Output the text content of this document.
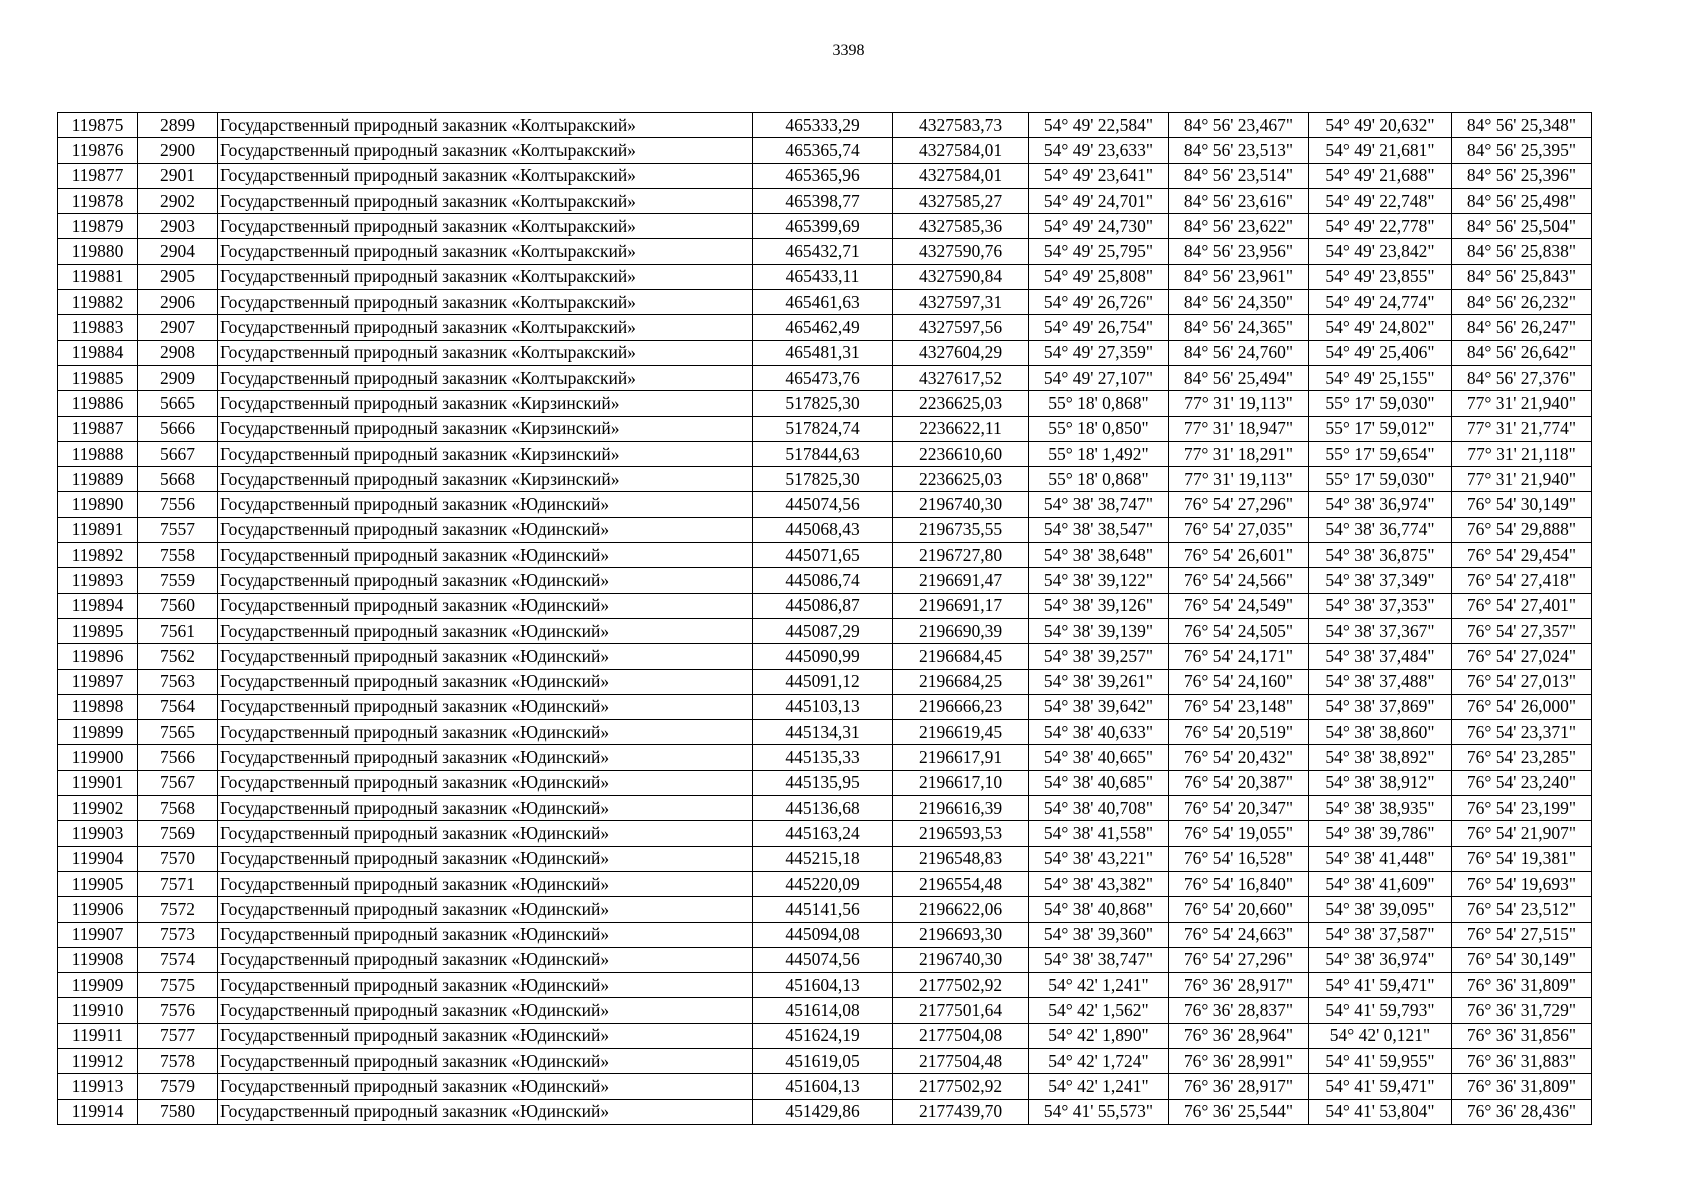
3398
119875	2899	Государственный природный заказник «Колтыракский»	465333,29	4327583,73	54° 49' 22,584"	84° 56' 23,467"	54° 49' 20,632"	84° 56' 25,348"
119876	2900	Государственный природный заказник «Колтыракский»	465365,74	4327584,01	54° 49' 23,633"	84° 56' 23,513"	54° 49' 21,681"	84° 56' 25,395"
119877	2901	Государственный природный заказник «Колтыракский»	465365,96	4327584,01	54° 49' 23,641"	84° 56' 23,514"	54° 49' 21,688"	84° 56' 25,396"
119878	2902	Государственный природный заказник «Колтыракский»	465398,77	4327585,27	54° 49' 24,701"	84° 56' 23,616"	54° 49' 22,748"	84° 56' 25,498"
119879	2903	Государственный природный заказник «Колтыракский»	465399,69	4327585,36	54° 49' 24,730"	84° 56' 23,622"	54° 49' 22,778"	84° 56' 25,504"
119880	2904	Государственный природный заказник «Колтыракский»	465432,71	4327590,76	54° 49' 25,795"	84° 56' 23,956"	54° 49' 23,842"	84° 56' 25,838"
119881	2905	Государственный природный заказник «Колтыракский»	465433,11	4327590,84	54° 49' 25,808"	84° 56' 23,961"	54° 49' 23,855"	84° 56' 25,843"
119882	2906	Государственный природный заказник «Колтыракский»	465461,63	4327597,31	54° 49' 26,726"	84° 56' 24,350"	54° 49' 24,774"	84° 56' 26,232"
119883	2907	Государственный природный заказник «Колтыракский»	465462,49	4327597,56	54° 49' 26,754"	84° 56' 24,365"	54° 49' 24,802"	84° 56' 26,247"
119884	2908	Государственный природный заказник «Колтыракский»	465481,31	4327604,29	54° 49' 27,359"	84° 56' 24,760"	54° 49' 25,406"	84° 56' 26,642"
119885	2909	Государственный природный заказник «Колтыракский»	465473,76	4327617,52	54° 49' 27,107"	84° 56' 25,494"	54° 49' 25,155"	84° 56' 27,376"
119886	5665	Государственный природный заказник «Кирзинский»	517825,30	2236625,03	55° 18' 0,868"	77° 31' 19,113"	55° 17' 59,030"	77° 31' 21,940"
119887	5666	Государственный природный заказник «Кирзинский»	517824,74	2236622,11	55° 18' 0,850"	77° 31' 18,947"	55° 17' 59,012"	77° 31' 21,774"
119888	5667	Государственный природный заказник «Кирзинский»	517844,63	2236610,60	55° 18' 1,492"	77° 31' 18,291"	55° 17' 59,654"	77° 31' 21,118"
119889	5668	Государственный природный заказник «Кирзинский»	517825,30	2236625,03	55° 18' 0,868"	77° 31' 19,113"	55° 17' 59,030"	77° 31' 21,940"
119890	7556	Государственный природный заказник «Юдинский»	445074,56	2196740,30	54° 38' 38,747"	76° 54' 27,296"	54° 38' 36,974"	76° 54' 30,149"
119891	7557	Государственный природный заказник «Юдинский»	445068,43	2196735,55	54° 38' 38,547"	76° 54' 27,035"	54° 38' 36,774"	76° 54' 29,888"
119892	7558	Государственный природный заказник «Юдинский»	445071,65	2196727,80	54° 38' 38,648"	76° 54' 26,601"	54° 38' 36,875"	76° 54' 29,454"
119893	7559	Государственный природный заказник «Юдинский»	445086,74	2196691,47	54° 38' 39,122"	76° 54' 24,566"	54° 38' 37,349"	76° 54' 27,418"
119894	7560	Государственный природный заказник «Юдинский»	445086,87	2196691,17	54° 38' 39,126"	76° 54' 24,549"	54° 38' 37,353"	76° 54' 27,401"
119895	7561	Государственный природный заказник «Юдинский»	445087,29	2196690,39	54° 38' 39,139"	76° 54' 24,505"	54° 38' 37,367"	76° 54' 27,357"
119896	7562	Государственный природный заказник «Юдинский»	445090,99	2196684,45	54° 38' 39,257"	76° 54' 24,171"	54° 38' 37,484"	76° 54' 27,024"
119897	7563	Государственный природный заказник «Юдинский»	445091,12	2196684,25	54° 38' 39,261"	76° 54' 24,160"	54° 38' 37,488"	76° 54' 27,013"
119898	7564	Государственный природный заказник «Юдинский»	445103,13	2196666,23	54° 38' 39,642"	76° 54' 23,148"	54° 38' 37,869"	76° 54' 26,000"
119899	7565	Государственный природный заказник «Юдинский»	445134,31	2196619,45	54° 38' 40,633"	76° 54' 20,519"	54° 38' 38,860"	76° 54' 23,371"
119900	7566	Государственный природный заказник «Юдинский»	445135,33	2196617,91	54° 38' 40,665"	76° 54' 20,432"	54° 38' 38,892"	76° 54' 23,285"
119901	7567	Государственный природный заказник «Юдинский»	445135,95	2196617,10	54° 38' 40,685"	76° 54' 20,387"	54° 38' 38,912"	76° 54' 23,240"
119902	7568	Государственный природный заказник «Юдинский»	445136,68	2196616,39	54° 38' 40,708"	76° 54' 20,347"	54° 38' 38,935"	76° 54' 23,199"
119903	7569	Государственный природный заказник «Юдинский»	445163,24	2196593,53	54° 38' 41,558"	76° 54' 19,055"	54° 38' 39,786"	76° 54' 21,907"
119904	7570	Государственный природный заказник «Юдинский»	445215,18	2196548,83	54° 38' 43,221"	76° 54' 16,528"	54° 38' 41,448"	76° 54' 19,381"
119905	7571	Государственный природный заказник «Юдинский»	445220,09	2196554,48	54° 38' 43,382"	76° 54' 16,840"	54° 38' 41,609"	76° 54' 19,693"
119906	7572	Государственный природный заказник «Юдинский»	445141,56	2196622,06	54° 38' 40,868"	76° 54' 20,660"	54° 38' 39,095"	76° 54' 23,512"
119907	7573	Государственный природный заказник «Юдинский»	445094,08	2196693,30	54° 38' 39,360"	76° 54' 24,663"	54° 38' 37,587"	76° 54' 27,515"
119908	7574	Государственный природный заказник «Юдинский»	445074,56	2196740,30	54° 38' 38,747"	76° 54' 27,296"	54° 38' 36,974"	76° 54' 30,149"
119909	7575	Государственный природный заказник «Юдинский»	451604,13	2177502,92	54° 42' 1,241"	76° 36' 28,917"	54° 41' 59,471"	76° 36' 31,809"
119910	7576	Государственный природный заказник «Юдинский»	451614,08	2177501,64	54° 42' 1,562"	76° 36' 28,837"	54° 41' 59,793"	76° 36' 31,729"
119911	7577	Государственный природный заказник «Юдинский»	451624,19	2177504,08	54° 42' 1,890"	76° 36' 28,964"	54° 42' 0,121"	76° 36' 31,856"
119912	7578	Государственный природный заказник «Юдинский»	451619,05	2177504,48	54° 42' 1,724"	76° 36' 28,991"	54° 41' 59,955"	76° 36' 31,883"
119913	7579	Государственный природный заказник «Юдинский»	451604,13	2177502,92	54° 42' 1,241"	76° 36' 28,917"	54° 41' 59,471"	76° 36' 31,809"
119914	7580	Государственный природный заказник «Юдинский»	451429,86	2177439,70	54° 41' 55,573"	76° 36' 25,544"	54° 41' 53,804"	76° 36' 28,436"
